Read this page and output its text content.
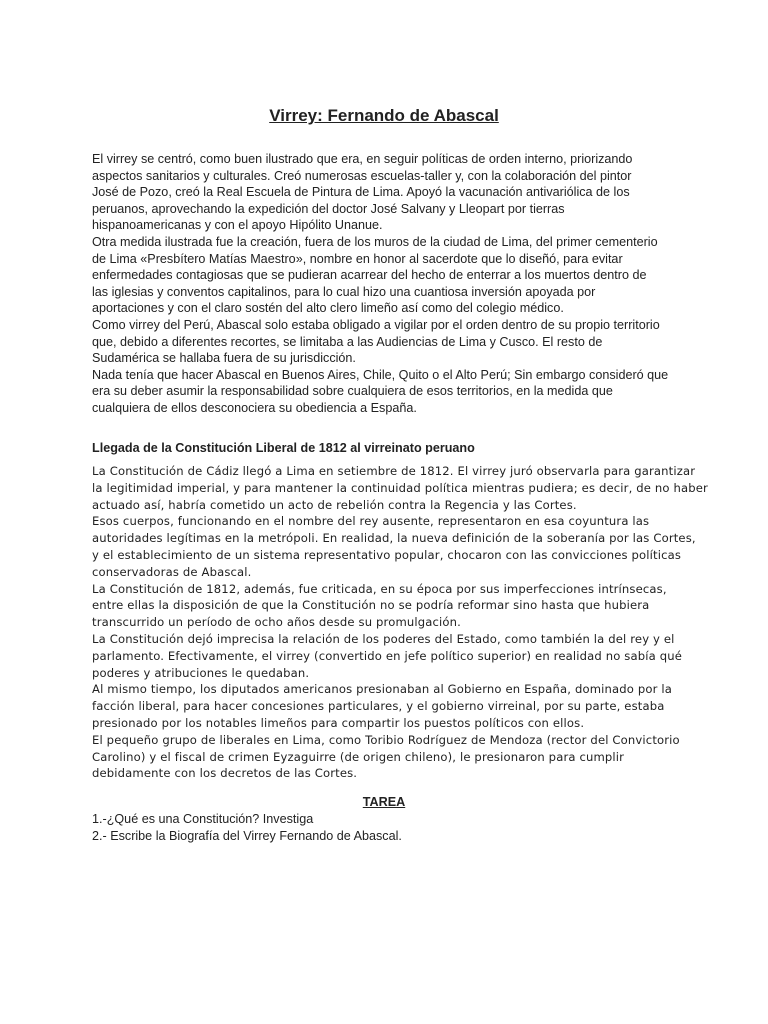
Virrey: Fernando de Abascal

El virrey se centró, como buen ilustrado que era, en seguir políticas de orden interno, priorizando

aspectos sanitarios y culturales. Creó numerosas escuelas-taller y, con la colaboración del pintor

José de Pozo, creó la Real Escuela de Pintura de Lima. Apoyó la vacunación antivariólica de los

peruanos, aprovechando la expedición del doctor José Salvany y Lleopart por tierras

hispanoamericanas y con el apoyo Hipólito Unanue.

Otra medida ilustrada fue la creación, fuera de los muros de la ciudad de Lima, del primer cementerio

de Lima «Presbítero Matías Maestro», nombre en honor al sacerdote que lo diseñó, para evitar

enfermedades contagiosas que se pudieran acarrear del hecho de enterrar a los muertos dentro de

las iglesias y conventos capitalinos, para lo cual hizo una cuantiosa inversión apoyada por

aportaciones y con el claro sostén del alto clero limeño así como del colegio médico.

Como virrey del Perú, Abascal solo estaba obligado a vigilar por el orden dentro de su propio territorio

que, debido a diferentes recortes, se limitaba a las Audiencias de Lima y Cusco. El resto de

Sudamérica se hallaba fuera de su jurisdicción.

Nada tenía que hacer Abascal en Buenos Aires, Chile, Quito o el Alto Perú; Sin embargo consideró que

era su deber asumir la responsabilidad sobre cualquiera de esos territorios, en la medida que

cualquiera de ellos desconociera su obediencia a España.

Llegada de la Constitución Liberal de 1812 al virreinato peruano

La Constitución de Cádiz llegó a Lima en setiembre de 1812. El virrey juró observarla para garantizar

la legitimidad imperial, y para mantener la continuidad política mientras pudiera; es decir, de no haber

actuado así, habría cometido un acto de rebelión contra la Regencia y las Cortes.

Esos cuerpos, funcionando en el nombre del rey ausente, representaron en esa coyuntura las

autoridades legítimas en la metrópoli. En realidad, la nueva definición de la soberanía por las Cortes,

y el establecimiento de un sistema representativo popular, chocaron con las convicciones políticas

conservadoras de Abascal.

La Constitución de 1812, además, fue criticada, en su época por sus imperfecciones intrínsecas,

entre ellas la disposición de que la Constitución no se podría reformar sino hasta que hubiera

transcurrido un período de ocho años desde su promulgación.

La Constitución dejó imprecisa la relación de los poderes del Estado, como también la del rey y el

parlamento. Efectivamente, el virrey (convertido en jefe político superior) en realidad no sabía qué

poderes y atribuciones le quedaban.

Al mismo tiempo, los diputados americanos presionaban al Gobierno en España, dominado por la

facción liberal, para hacer concesiones particulares, y el gobierno virreinal, por su parte, estaba

presionado por los notables limeños para compartir los puestos políticos con ellos.

El pequeño grupo de liberales en Lima, como Toribio Rodríguez de Mendoza (rector del Convictorio

Carolino) y el fiscal de crimen Eyzaguirre (de origen chileno), le presionaron para cumplir

debidamente con los decretos de las Cortes.

TAREA

1.-¿Qué es una Constitución? Investiga

2.- Escribe la Biografía del Virrey Fernando de Abascal.
